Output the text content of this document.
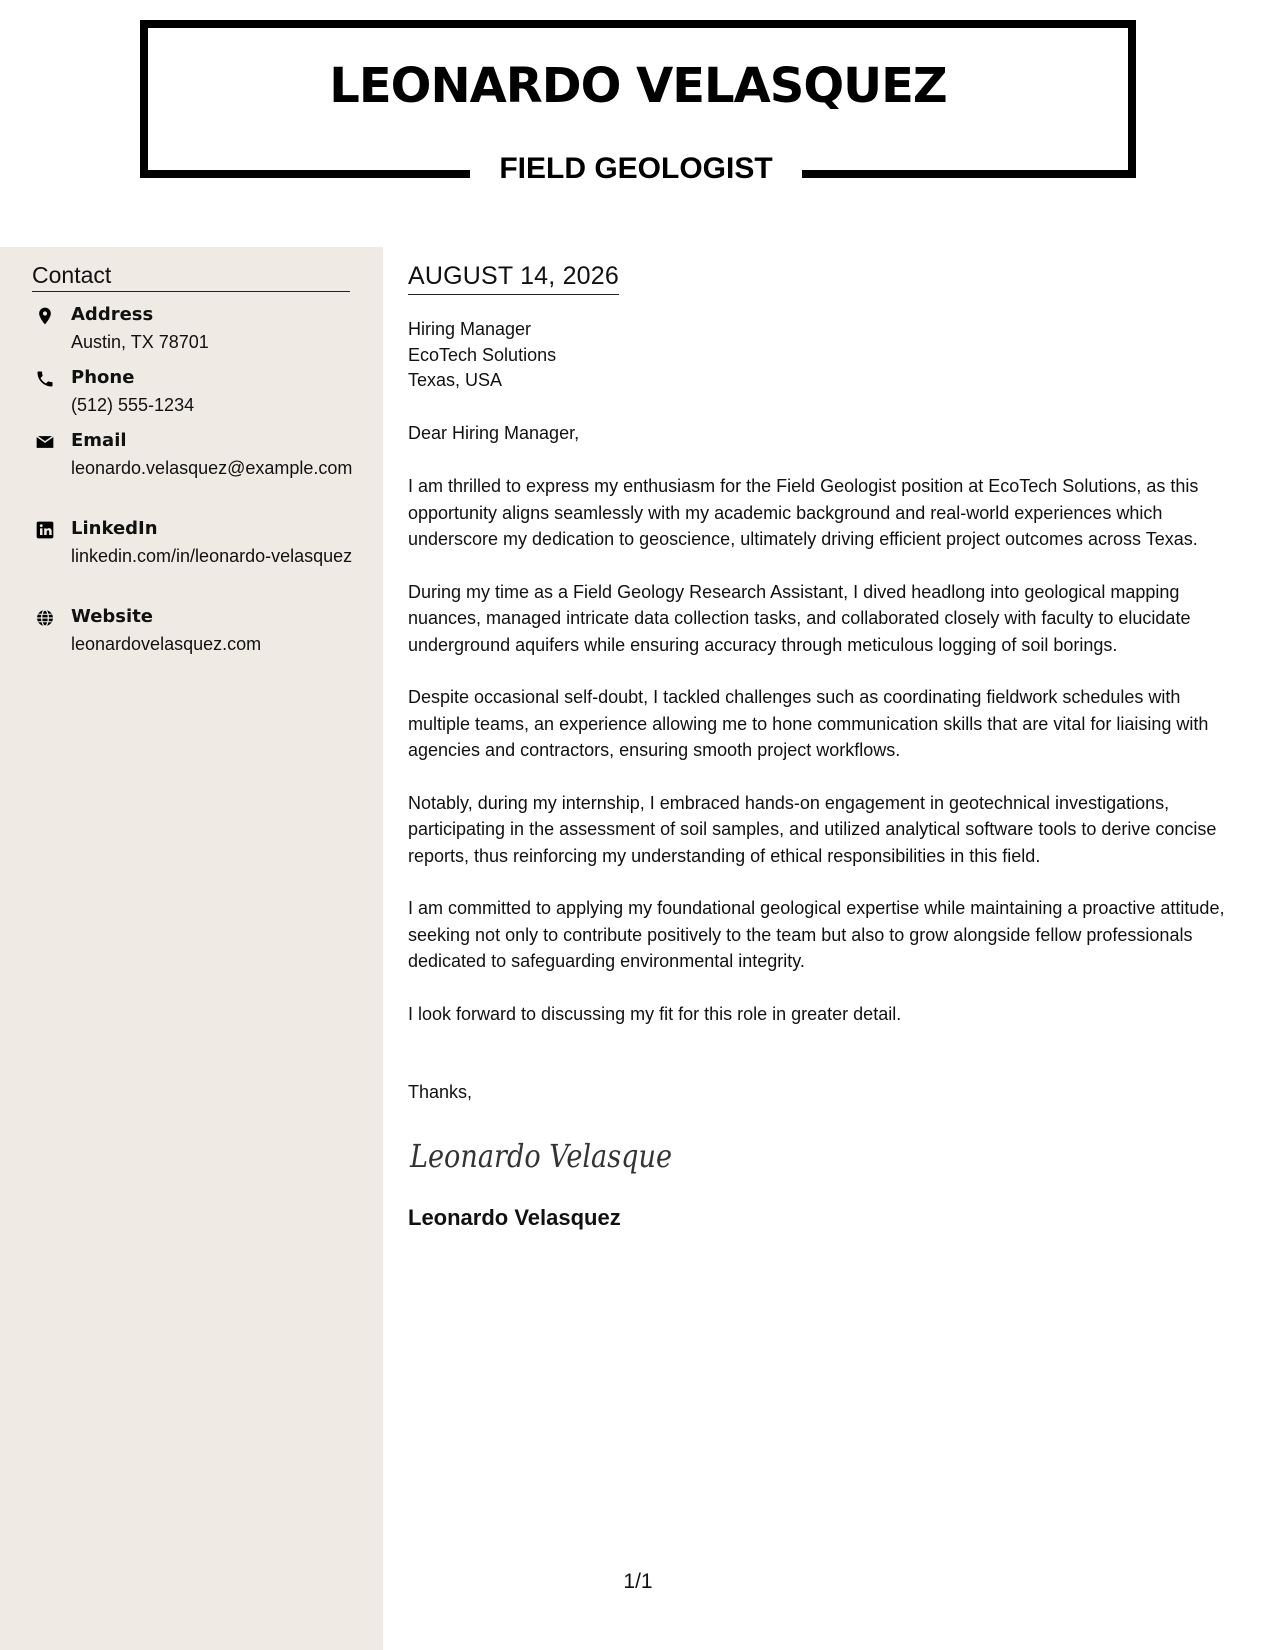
LEONARDO VELASQUEZ
FIELD GEOLOGIST
Contact
Address
Austin, TX 78701
Phone
(512) 555-1234
Email
leonardo.velasquez@example.com
LinkedIn
linkedin.com/in/leonardo-velasquez
Website
leonardovelasquez.com
AUGUST 14, 2026
Hiring Manager
EcoTech Solutions
Texas, USA
Dear Hiring Manager,

I am thrilled to express my enthusiasm for the Field Geologist position at EcoTech Solutions, as this opportunity aligns seamlessly with my academic background and real-world experiences which underscore my dedication to geoscience, ultimately driving efficient project outcomes across Texas.

During my time as a Field Geology Research Assistant, I dived headlong into geological mapping nuances, managed intricate data collection tasks, and collaborated closely with faculty to elucidate underground aquifers while ensuring accuracy through meticulous logging of soil borings.

Despite occasional self-doubt, I tackled challenges such as coordinating fieldwork schedules with multiple teams, an experience allowing me to hone communication skills that are vital for liaising with agencies and contractors, ensuring smooth project workflows.

Notably, during my internship, I embraced hands-on engagement in geotechnical investigations, participating in the assessment of soil samples, and utilized analytical software tools to derive concise reports, thus reinforcing my understanding of ethical responsibilities in this field.

I am committed to applying my foundational geological expertise while maintaining a proactive attitude, seeking not only to contribute positively to the team but also to grow alongside fellow professionals dedicated to safeguarding environmental integrity.

I look forward to discussing my fit for this role in greater detail.

Thanks,
Leonardo Velasque
Leonardo Velasquez
1/1
